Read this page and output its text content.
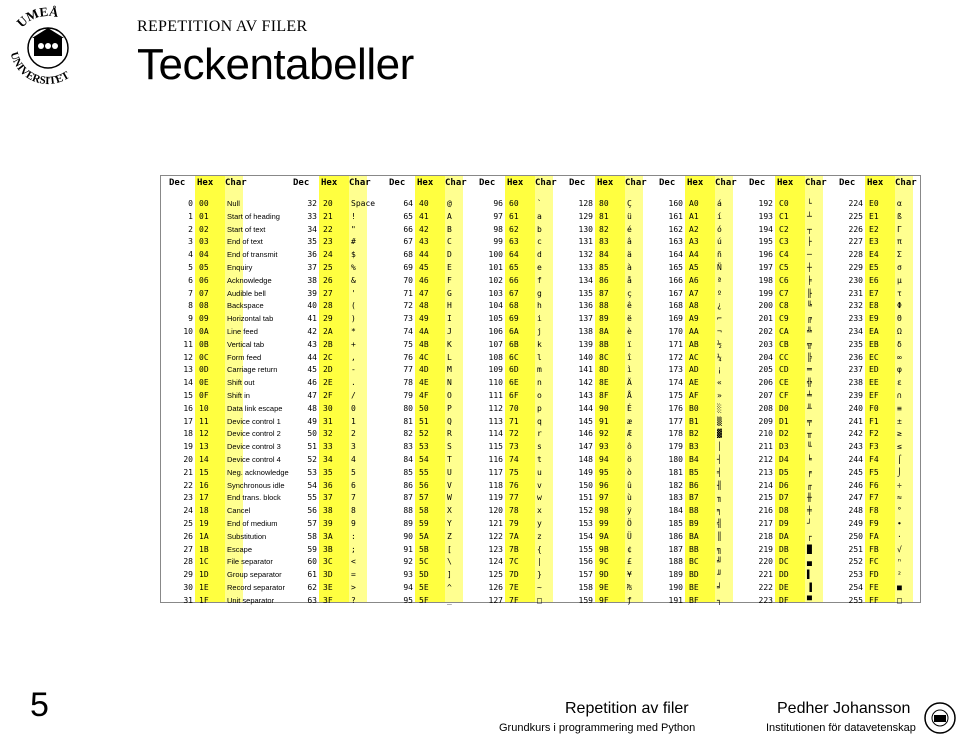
UMEÅ
UNIVERSITET
REPETITION AV FILER
Teckentabeller
Dec Hex Char
0 00 Null
1 01 Start of heading
2 02 Start of text
3 03 End of text
4 04 End of transmit
5 05 Enquiry
6 06 Acknowledge
7 07 Audible bell
8 08 Backspace
9 09 Horizontal tab
10 0A Line feed
11 0B Vertical tab
12 0C Form feed
13 0D Carriage return
14 0E Shift out
15 0F Shift in
16 10 Data link escape
17 11 Device control 1
18 12 Device control 2
19 13 Device control 3
20 14 Device control 4
21 15 Neg. acknowledge
22 16 Synchronous idle
23 17 End trans. block
24 18 Cancel
25 19 End of medium
26 1A Substitution
27 1B Escape
28 1C File separator
29 1D Group separator
30 1E Record separator
31 1F Unit separator
Dec Hex Char
32 20 Space
33 21 !
34 22 "
35 23 #
36 24 $
37 25 %
38 26 &
39 27 '
40 28 (
41 29 )
42 2A *
43 2B +
44 2C ,
45 2D -
46 2E .
47 2F /
48 30 0
49 31 1
50 32 2
51 33 3
52 34 4
53 35 5
54 36 6
55 37 7
56 38 8
57 39 9
58 3A :
59 3B ;
60 3C <
61 3D =
62 3E >
63 3F ?
Dec Hex Char
64 40 @
65 41 A
66 42 B
67 43 C
68 44 D
69 45 E
70 46 F
71 47 G
72 48 H
73 49 I
74 4A J
75 4B K
76 4C L
77 4D M
78 4E N
79 4F O
80 50 P
81 51 Q
82 52 R
83 53 S
84 54 T
85 55 U
86 56 V
87 57 W
88 58 X
89 59 Y
90 5A Z
91 5B [
92 5C \
93 5D ]
94 5E ^
95 5F _
Dec Hex Char
96 60 `
97 61 a
98 62 b
99 63 c
100 64 d
101 65 e
102 66 f
103 67 g
104 68 h
105 69 i
106 6A j
107 6B k
108 6C l
109 6D m
110 6E n
111 6F o
112 70 p
113 71 q
114 72 r
115 73 s
116 74 t
117 75 u
118 76 v
119 77 w
120 78 x
121 79 y
122 7A z
123 7B {
124 7C |
125 7D }
126 7E ~
127 7F □
Dec Hex Char
128 80 Ç
129 81 ü
130 82 é
131 83 â
132 84 ä
133 85 à
134 86 å
135 87 ç
136 88 ê
137 89 ë
138 8A è
139 8B ï
140 8C î
141 8D ì
142 8E Ä
143 8F Å
144 90 É
145 91 æ
146 92 Æ
147 93 ô
148 94 ö
149 95 ò
150 96 û
151 97 ù
152 98 ÿ
153 99 Ö
154 9A Ü
155 9B ¢
156 9C £
157 9D ¥
158 9E ₧
159 9F ƒ
Dec Hex Char
160 A0 á
161 A1 í
162 A2 ó
163 A3 ú
164 A4 ñ
165 A5 Ñ
166 A6 ª
167 A7 º
168 A8 ¿
169 A9 ⌐
170 AA ¬
171 AB ½
172 AC ¼
173 AD ¡
174 AE «
175 AF »
176 B0 ░
177 B1 ▒
178 B2 ▓
179 B3 │
180 B4 ┤
181 B5 ╡
182 B6 ╢
183 B7 ╖
184 B8 ╕
185 B9 ╣
186 BA ║
187 BB ╗
188 BC ╝
189 BD ╜
190 BE ╛
191 BF ┐
Dec Hex Char
192 C0 └
193 C1 ┴
194 C2 ┬
195 C3 ├
196 C4 ─
197 C5 ┼
198 C6 ╞
199 C7 ╟
200 C8 ╚
201 C9 ╔
202 CA ╩
203 CB ╦
204 CC ╠
205 CD ═
206 CE ╬
207 CF ╧
208 D0 ╨
209 D1 ╤
210 D2 ╥
211 D3 ╙
212 D4 ╘
213 D5 ╒
214 D6 ╓
215 D7 ╫
216 D8 ╪
217 D9 ┘
218 DA ┌
219 DB █
220 DC ▄
221 DD ▌
222 DE ▐
223 DF ▀
Dec Hex Char
224 E0 α
225 E1 ß
226 E2 Γ
227 E3 π
228 E4 Σ
229 E5 σ
230 E6 µ
231 E7 τ
232 E8 Φ
233 E9 Θ
234 EA Ω
235 EB δ
236 EC ∞
237 ED φ
238 EE ε
239 EF ∩
240 F0 ≡
241 F1 ±
242 F2 ≥
243 F3 ≤
244 F4 ⌠
245 F5 ⌡
246 F6 ÷
247 F7 ≈
248 F8 °
249 F9 ∙
250 FA ·
251 FB √
252 FC ⁿ
253 FD ²
254 FE ■
255 FF □
5	Repetition av filer
Grundkurs i programmering med Python
Pedher Johansson
Institutionen för datavetenskap
